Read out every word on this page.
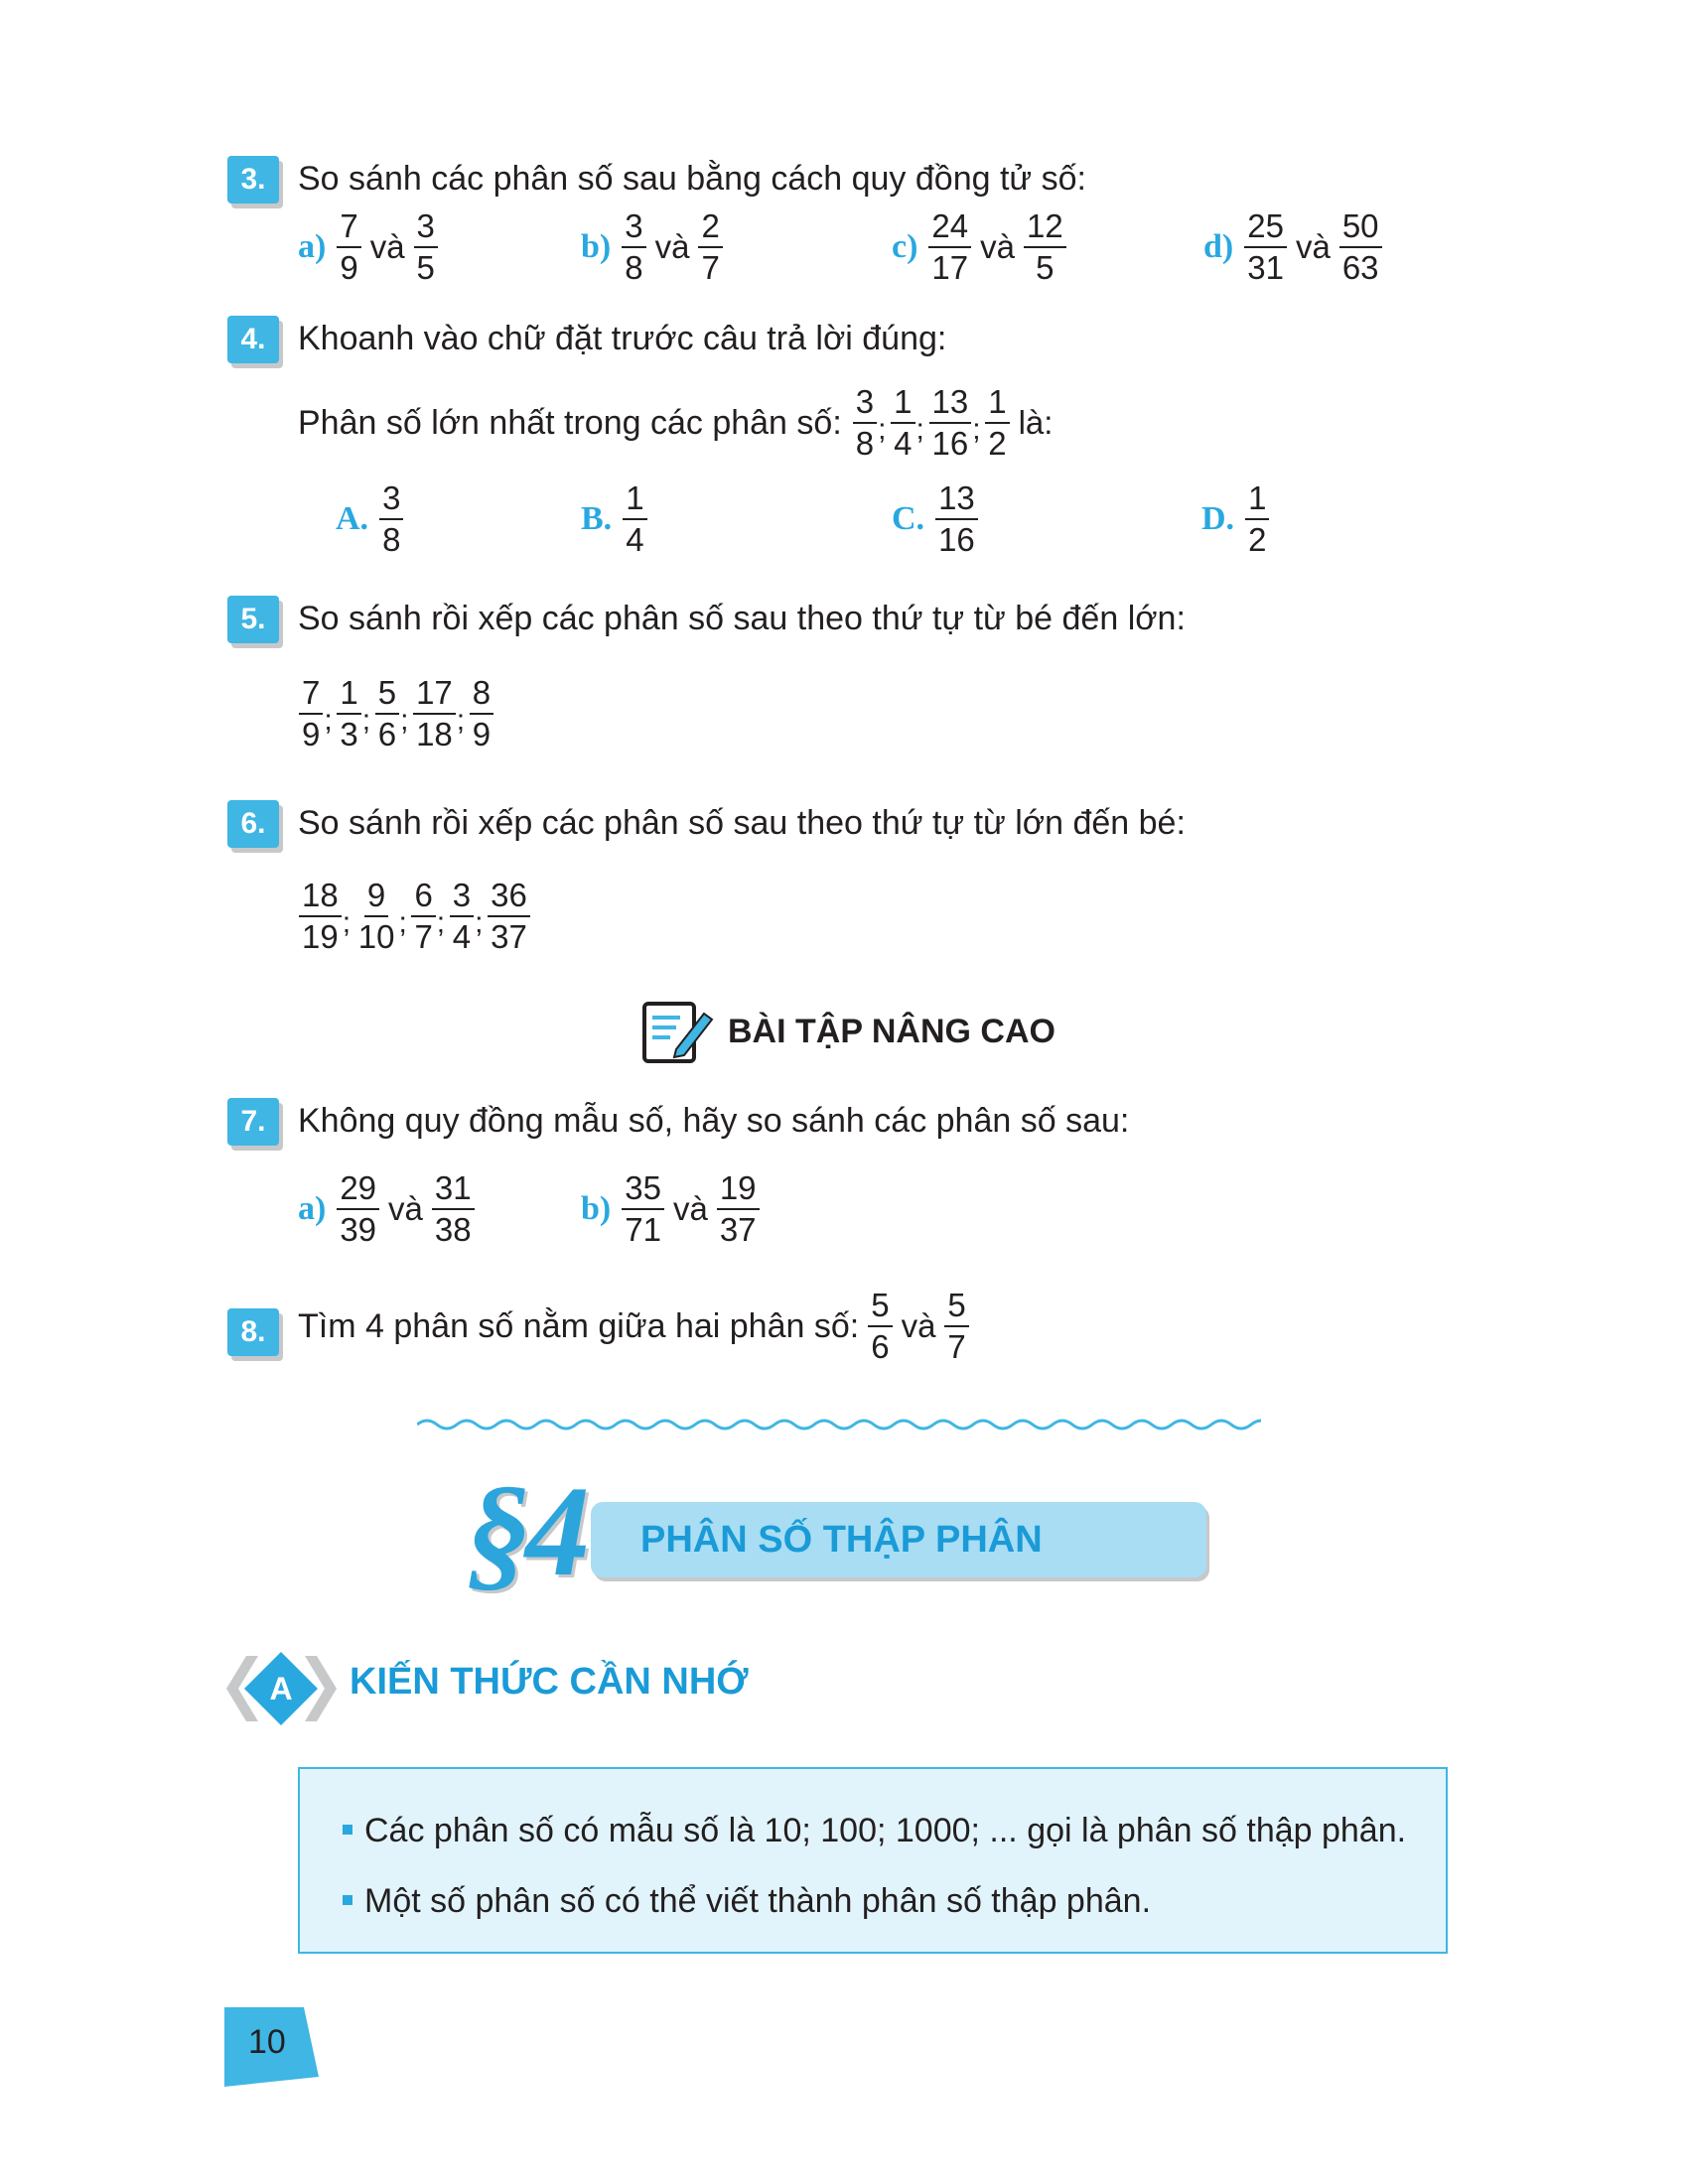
3. So sánh các phân số sau bằng cách quy đồng tử số:
$a) \frac{7}{9}$ và $\frac{3}{5}$	$b) \frac{3}{8}$ và $\frac{2}{7}$	$c) \frac{24}{17}$ và $\frac{12}{5}$	$d) \frac{25}{31}$ và $\frac{50}{63}$
4. Khoanh vào chữ đặt trước câu trả lời đúng:
Phân số lớn nhất trong các phân số: $\frac{3}{8}$ ; $\frac{1}{4}$ ; $\frac{13}{16}$ ; $\frac{1}{2}$ là:
A. $\frac{3}{8}$	B. $\frac{1}{4}$	C. $\frac{13}{16}$	D. $\frac{1}{2}$
5. So sánh rồi xếp các phân số sau theo thứ tự từ bé đến lớn:
$\frac{7}{9}$ ; $\frac{1}{3}$ ; $\frac{5}{6}$ ; $\frac{17}{18}$ ; $\frac{8}{9}$
6. So sánh rồi xếp các phân số sau theo thứ tự từ lớn đến bé:
$\frac{18}{19}$ ; $\frac{9}{10}$ ; $\frac{6}{7}$ ; $\frac{3}{4}$ ; $\frac{36}{37}$
BÀI TẬP NÂNG CAO
7. Không quy đồng mẫu số, hãy so sánh các phân số sau:
$a) \frac{29}{39}$ và $\frac{31}{38}$	$b) \frac{35}{71}$ và $\frac{19}{37}$
8. Tìm 4 phân số nằm giữa hai phân số: $\frac{5}{6}$ và $\frac{5}{7}$
§4 PHÂN SỐ THẬP PHÂN
A KIẾN THỨC CẦN NHỚ
Các phân số có mẫu số là 10; 100; 1000; ... gọi là phân số thập phân.
Một số phân số có thể viết thành phân số thập phân.
10
